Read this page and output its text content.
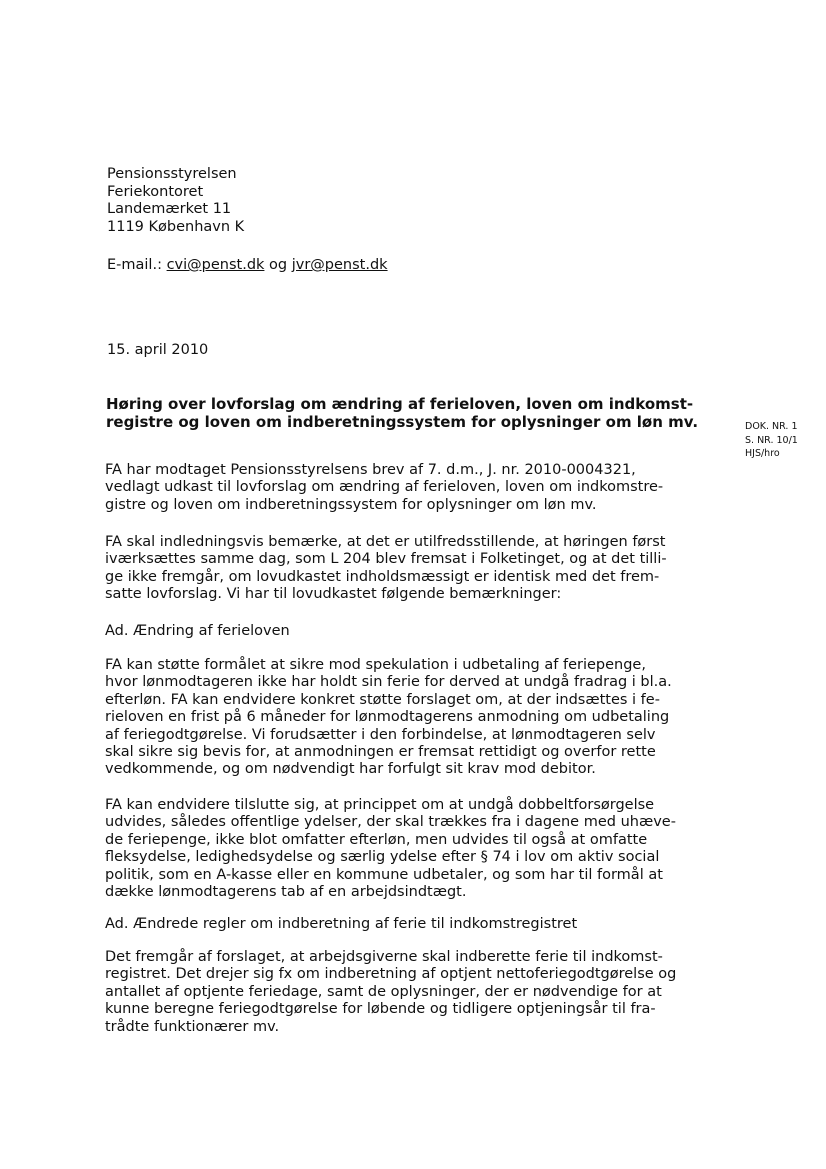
Pensionsstyrelsen
Feriekontoret
Landemærket 11
1119 København K
E-mail.: cvi@penst.dk og jvr@penst.dk
15. april 2010
Høring over lovforslag om ændring af ferieloven, loven om indkomst-
registre og loven om indberetningssystem for oplysninger om løn mv.	DOK. NR. 1
S. NR. 10/1
HJS/hro
FA har modtaget Pensionsstyrelsens brev af 7. d.m., J. nr. 2010-0004321,
vedlagt udkast til lovforslag om ændring af ferieloven, loven om indkomstre-
gistre og loven om indberetningssystem for oplysninger om løn mv.
FA skal indledningsvis bemærke, at det er utilfredsstillende, at høringen først
iværksættes samme dag, som L 204 blev fremsat i Folketinget, og at det tilli-
ge ikke fremgår, om lovudkastet indholdsmæssigt er identisk med det frem-
satte lovforslag. Vi har til lovudkastet følgende bemærkninger:
Ad. Ændring af ferieloven
FA kan støtte formålet at sikre mod spekulation i udbetaling af feriepenge,
hvor lønmodtageren ikke har holdt sin ferie for derved at undgå fradrag i bl.a.
efterløn. FA kan endvidere konkret støtte forslaget om, at der indsættes i fe-
rieloven en frist på 6 måneder for lønmodtagerens anmodning om udbetaling
af feriegodtgørelse. Vi forudsætter i den forbindelse, at lønmodtageren selv
skal sikre sig bevis for, at anmodningen er fremsat rettidigt og overfor rette
vedkommende, og om nødvendigt har forfulgt sit krav mod debitor.
FA kan endvidere tilslutte sig, at princippet om at undgå dobbeltforsørgelse
udvides, således offentlige ydelser, der skal trækkes fra i dagene med uhæve-
de feriepenge, ikke blot omfatter efterløn, men udvides til også at omfatte
fleksydelse, ledighedsydelse og særlig ydelse efter § 74 i lov om aktiv social
politik, som en A-kasse eller en kommune udbetaler, og som har til formål at
dække lønmodtagerens tab af en arbejdsindtægt.
Ad. Ændrede regler om indberetning af ferie til indkomstregistret
Det fremgår af forslaget, at arbejdsgiverne skal indberette ferie til indkomst-
registret. Det drejer sig fx om indberetning af optjent nettoferiegodtgørelse og
antallet af optjente feriedage, samt de oplysninger, der er nødvendige for at
kunne beregne feriegodtgørelse for løbende og tidligere optjeningsår til fra-
trådte funktionærer mv.
